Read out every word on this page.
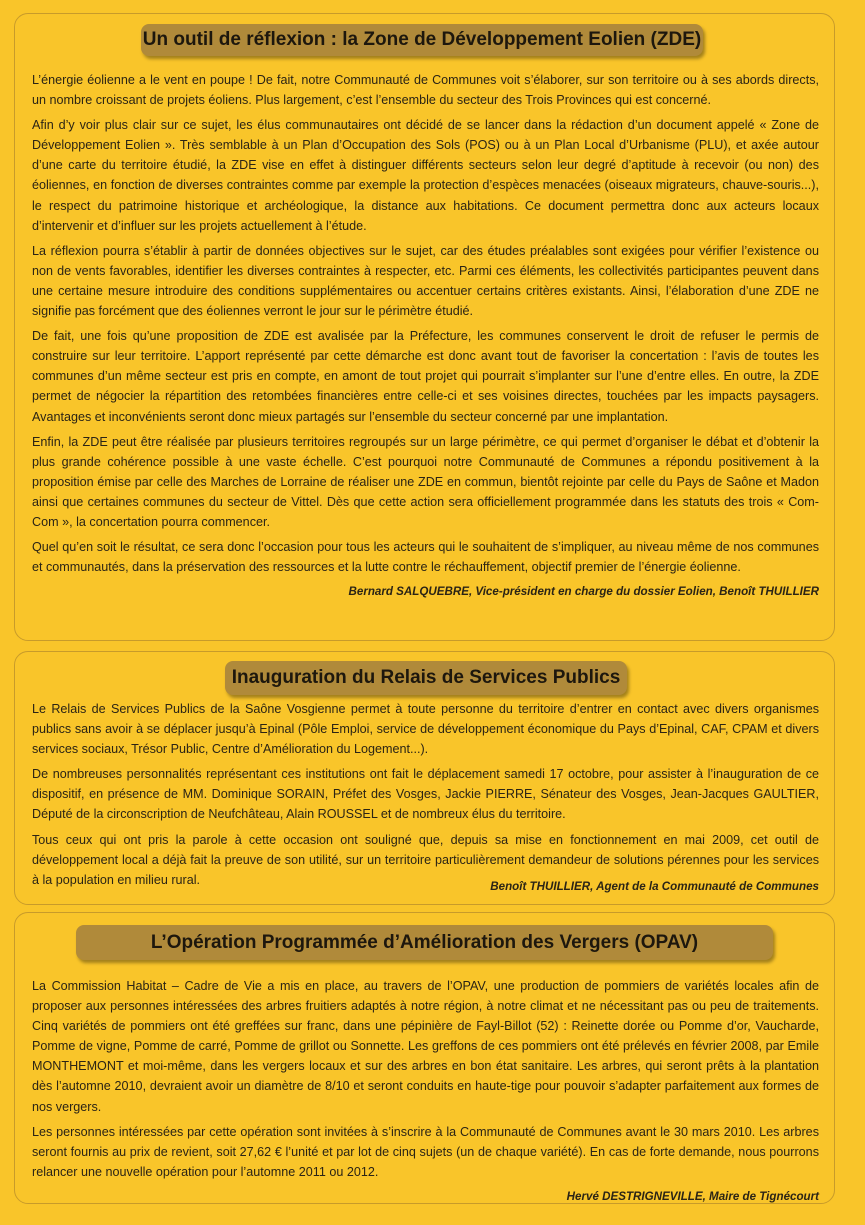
Un outil de réflexion : la Zone de Développement Eolien (ZDE)

L’énergie éolienne a le vent en poupe ! De fait, notre Communauté de Communes voit s’élaborer, sur son territoire ou à ses abords directs, un nombre croissant de projets éoliens. Plus largement, c’est l’ensemble du secteur des Trois Provinces qui est concerné.

Afin d’y voir plus clair sur ce sujet, les élus communautaires ont décidé de se lancer dans la rédaction d’un document appelé « Zone de Développement Eolien ». Très semblable à un Plan d’Occupation des Sols (POS) ou à un Plan Local d’Urbanisme (PLU), et axée autour d’une carte du territoire étudié, la ZDE vise en effet à distinguer différents secteurs selon leur degré d’aptitude à recevoir (ou non) des éoliennes, en fonction de diverses contraintes comme par exemple la protection d’espèces menacées (oiseaux migrateurs, chauve-souris...), le respect du patrimoine historique et archéologique, la distance aux habitations. Ce document permettra donc aux acteurs locaux d’intervenir et d’influer sur les projets actuellement à l’étude.

La réflexion pourra s’établir à partir de données objectives sur le sujet, car des études préalables sont exigées pour vérifier l’existence ou non de vents favorables, identifier les diverses contraintes à respecter, etc. Parmi ces éléments, les collectivités participantes peuvent dans une certaine mesure introduire des conditions supplémentaires ou accentuer certains critères existants. Ainsi, l’élaboration d’une ZDE ne signifie pas forcément que des éoliennes verront le jour sur le périmètre étudié.

De fait, une fois qu’une proposition de ZDE est avalisée par la Préfecture, les communes conservent le droit de refuser le permis de construire sur leur territoire. L’apport représenté par cette démarche est donc avant tout de favoriser la concertation : l’avis de toutes les communes d’un même secteur est pris en compte, en amont de tout projet qui pourrait s’implanter sur l’une d’entre elles. En outre, la ZDE permet de négocier la répartition des retombées financières entre celle-ci et ses voisines directes, touchées par les impacts paysagers. Avantages et inconvénients seront donc mieux partagés sur l’ensemble du secteur concerné par une implantation.

Enfin, la ZDE peut être réalisée par plusieurs territoires regroupés sur un large périmètre, ce qui permet d’organiser le débat et d’obtenir la plus grande cohérence possible à une vaste échelle. C’est pourquoi notre Communauté de Communes a répondu positivement à la proposition émise par celle des Marches de Lorraine de réaliser une ZDE en commun, bientôt rejointe par celle du Pays de Saône et Madon ainsi que certaines communes du secteur de Vittel. Dès que cette action sera officiellement programmée dans les statuts des trois « Com-Com », la concertation pourra commencer.

Quel qu’en soit le résultat, ce sera donc l’occasion pour tous les acteurs qui le souhaitent de s’impliquer, au niveau même de nos communes et communautés, dans la préservation des ressources et la lutte contre le réchauffement, objectif premier de l’énergie éolienne.

Bernard SALQUEBRE, Vice-président en charge du dossier Eolien, Benoît THUILLIER
Inauguration du Relais de Services Publics

Le Relais de Services Publics de la Saône Vosgienne permet à toute personne du territoire d’entrer en contact avec divers organismes publics sans avoir à se déplacer jusqu’à Epinal (Pôle Emploi, service de développement économique du Pays d’Epinal, CAF, CPAM et divers services sociaux, Trésor Public, Centre d’Amélioration du Logement...).

De nombreuses personnalités représentant ces institutions ont fait le déplacement samedi 17 octobre, pour assister à l’inauguration de ce dispositif, en présence de MM. Dominique SORAIN, Préfet des Vosges, Jackie PIERRE, Sénateur des Vosges, Jean-Jacques GAULTIER, Député de la circonscription de Neufchâteau, Alain ROUSSEL et de nombreux élus du territoire.

Tous ceux qui ont pris la parole à cette occasion ont souligné que, depuis sa mise en fonctionnement en mai 2009, cet outil de développement local a déjà fait la preuve de son utilité, sur un territoire particulièrement demandeur de solutions pérennes pour les services à la population en milieu rural.	Benoît THUILLIER, Agent de la Communauté de Communes
L’Opération Programmée d’Amélioration des Vergers (OPAV)

La Commission Habitat – Cadre de Vie a mis en place, au travers de l’OPAV, une production de pommiers de variétés locales afin de proposer aux personnes intéressées des arbres fruitiers adaptés à notre région, à notre climat et ne nécessitant pas ou peu de traitements. Cinq variétés de pommiers ont été greffées sur franc, dans une pépinière de Fayl-Billot (52) : Reinette dorée ou Pomme d’or, Vaucharde, Pomme de vigne, Pomme de carré, Pomme de grillot ou Sonnette. Les greffons de ces pommiers ont été prélevés en février 2008, par Emile MONTHEMONT et moi-même, dans les vergers locaux et sur des arbres en bon état sanitaire. Les arbres, qui seront prêts à la plantation dès l’automne 2010, devraient avoir un diamètre de 8/10 et seront conduits en haute-tige pour pouvoir s’adapter parfaitement aux formes de nos vergers.

Les personnes intéressées par cette opération sont invitées à s’inscrire à la Communauté de Communes avant le 30 mars 2010. Les arbres seront fournis au prix de revient, soit 27,62 € l’unité et par lot de cinq sujets (un de chaque variété). En cas de forte demande, nous pourrons relancer une nouvelle opération pour l’automne 2011 ou 2012.

Hervé DESTRIGNEVILLE, Maire de Tignécourt
